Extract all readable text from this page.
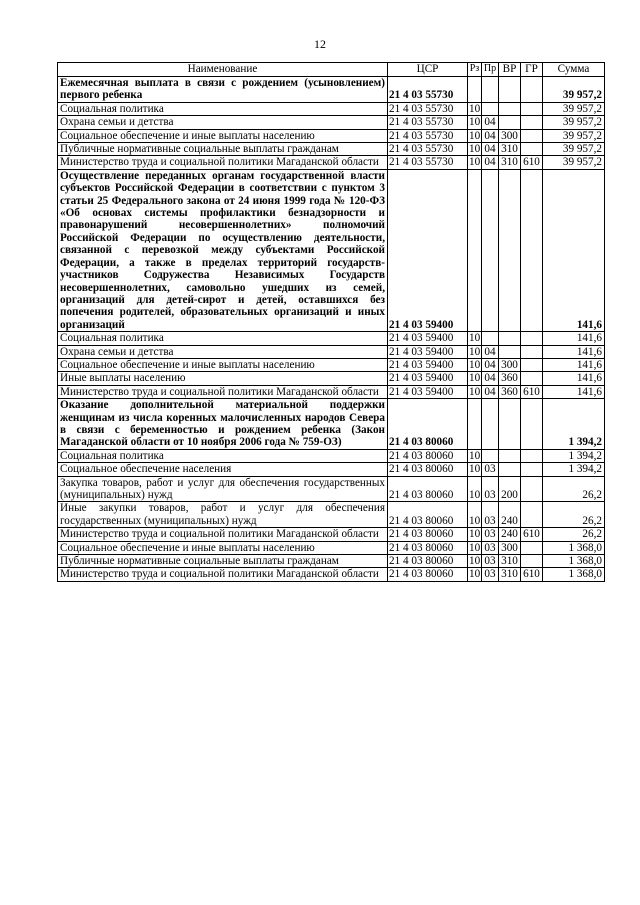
12
Наименование	ЦСР	Рз	Пр	ВР	ГР	Сумма
Ежемесячная выплата в связи с рождением (усыновлением) первого ребенка	21 4 03 55730					39 957,2
Социальная политика	21 4 03 55730	10				39 957,2
Охрана семьи и детства	21 4 03 55730	10	04			39 957,2
Социальное обеспечение и иные выплаты населению	21 4 03 55730	10	04	300		39 957,2
Публичные нормативные социальные выплаты гражданам	21 4 03 55730	10	04	310		39 957,2
Министерство труда и социальной политики Магаданской области	21 4 03 55730	10	04	310	610	39 957,2
Осуществление переданных органам государственной власти субъектов Российской Федерации в соответствии с пунктом 3 статьи 25 Федерального закона от 24 июня 1999 года № 120-ФЗ «Об основах системы профилактики безнадзорности и правонарушений несовершеннолетних» полномочий Российской Федерации по осуществлению деятельности, связанной с перевозкой между субъектами Российской Федерации, а также в пределах территорий государств-участников Содружества Независимых Государств несовершеннолетних, самовольно ушедших из семей, организаций для детей-сирот и детей, оставшихся без попечения родителей, образовательных организаций и иных организаций	21 4 03 59400					141,6
Социальная политика	21 4 03 59400	10				141,6
Охрана семьи и детства	21 4 03 59400	10	04			141,6
Социальное обеспечение и иные выплаты населению	21 4 03 59400	10	04	300		141,6
Иные выплаты населению	21 4 03 59400	10	04	360		141,6
Министерство труда и социальной политики Магаданской области	21 4 03 59400	10	04	360	610	141,6
Оказание дополнительной материальной поддержки женщинам из числа коренных малочисленных народов Севера в связи с беременностью и рождением ребенка (Закон Магаданской области от 10 ноября 2006 года № 759-ОЗ)	21 4 03 80060					1 394,2
Социальная политика	21 4 03 80060	10				1 394,2
Социальное обеспечение населения	21 4 03 80060	10	03			1 394,2
Закупка товаров, работ и услуг для обеспечения государственных (муниципальных) нужд	21 4 03 80060	10	03	200		26,2
Иные закупки товаров, работ и услуг для обеспечения государственных (муниципальных) нужд	21 4 03 80060	10	03	240		26,2
Министерство труда и социальной политики Магаданской области	21 4 03 80060	10	03	240	610	26,2
Социальное обеспечение и иные выплаты населению	21 4 03 80060	10	03	300		1 368,0
Публичные нормативные социальные выплаты гражданам	21 4 03 80060	10	03	310		1 368,0
Министерство труда и социальной политики Магаданской области	21 4 03 80060	10	03	310	610	1 368,0
